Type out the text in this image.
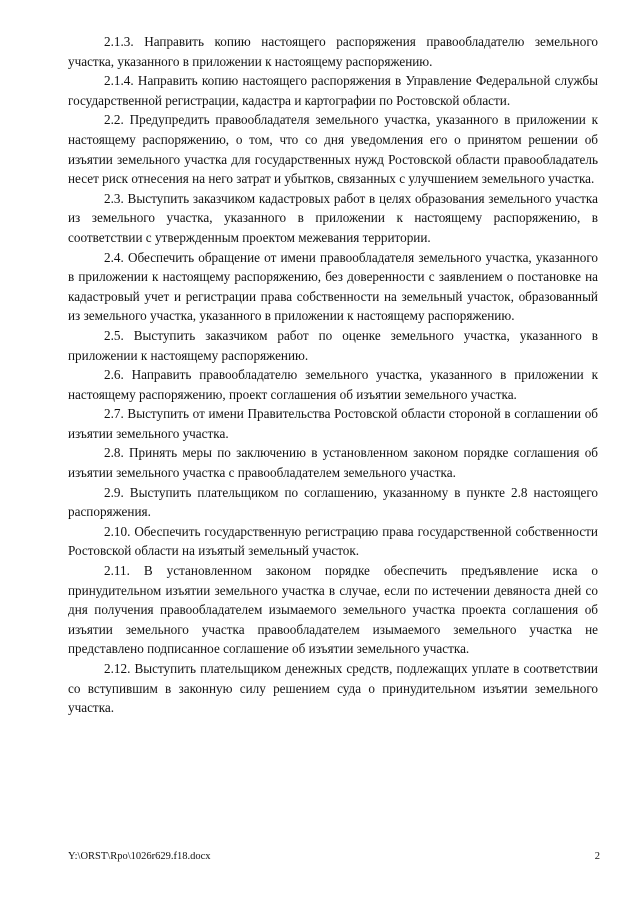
2.1.3. Направить копию настоящего распоряжения правообладателю земельного участка, указанного в приложении к настоящему распоряжению.

2.1.4. Направить копию настоящего распоряжения в Управление Федеральной службы государственной регистрации, кадастра и картографии по Ростовской области.

2.2. Предупредить правообладателя земельного участка, указанного в приложении к настоящему распоряжению, о том, что со дня уведомления его о принятом решении об изъятии земельного участка для государственных нужд Ростовской области правообладатель несет риск отнесения на него затрат и убытков, связанных с улучшением земельного участка.

2.3. Выступить заказчиком кадастровых работ в целях образования земельного участка из земельного участка, указанного в приложении к настоящему распоряжению, в соответствии с утвержденным проектом межевания территории.

2.4. Обеспечить обращение от имени правообладателя земельного участка, указанного в приложении к настоящему распоряжению, без доверенности с заявлением о постановке на кадастровый учет и регистрации права собственности на земельный участок, образованный из земельного участка, указанного в приложении к настоящему распоряжению.

2.5. Выступить заказчиком работ по оценке земельного участка, указанного в приложении к настоящему распоряжению.

2.6. Направить правообладателю земельного участка, указанного в приложении к настоящему распоряжению, проект соглашения об изъятии земельного участка.

2.7. Выступить от имени Правительства Ростовской области стороной в соглашении об изъятии земельного участка.

2.8. Принять меры по заключению в установленном законом порядке соглашения об изъятии земельного участка с правообладателем земельного участка.

2.9. Выступить плательщиком по соглашению, указанному в пункте 2.8 настоящего распоряжения.

2.10. Обеспечить государственную регистрацию права государственной собственности Ростовской области на изъятый земельный участок.

2.11. В установленном законом порядке обеспечить предъявление иска о принудительном изъятии земельного участка в случае, если по истечении девяноста дней со дня получения правообладателем изымаемого земельного участка проекта соглашения об изъятии земельного участка правообладателем изымаемого земельного участка не представлено подписанное соглашение об изъятии земельного участка.

2.12. Выступить плательщиком денежных средств, подлежащих уплате в соответствии со вступившим в законную силу решением суда о принудительном изъятии земельного участка.

Y:\ORST\Rpo\1026r629.f18.docx	2
